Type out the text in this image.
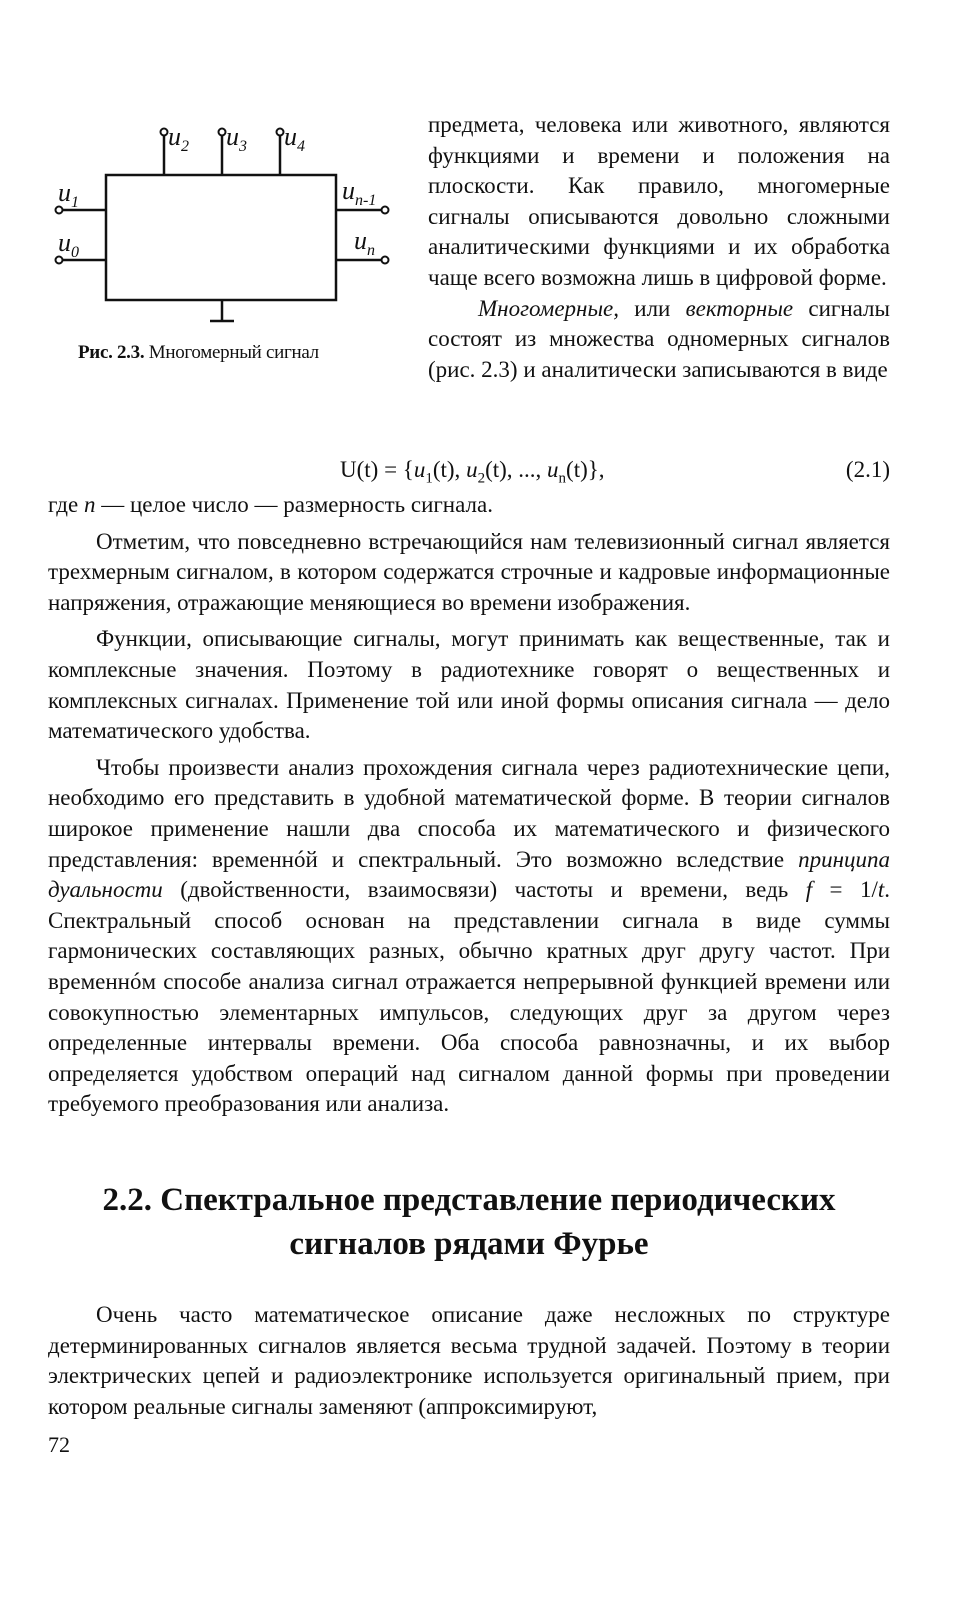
$u_2$ $u_3$ $u_4$
$u_1$
$u_0$
$u_{n-1}$
$u_n$
Рис. 2.3. Многомерный сигнал

предмета, человека или животного, являются функциями и времени и положения на плоскости. Как правило, многомерные сигналы описываются довольно сложными аналитическими функциями и их обработка чаще всего возможна лишь в цифровой форме.

Многомерные, или векторные сигналы состоят из множества одномерных сигналов (рис. 2.3) и аналитически записываются в виде

$U(t) = \{u_1(t)$, $u_2(t)$, ..., $u_n(t)$},	(2.1)

где n — целое число — размерность сигнала.

Отметим, что повседневно встречающийся нам телевизионный сигнал является трехмерным сигналом, в котором содержатся строчные и кадровые информационные напряжения, отражающие меняющиеся во времени изображения.

Функции, описывающие сигналы, могут принимать как вещественные, так и комплексные значения. Поэтому в радиотехнике говорят о вещественных и комплексных сигналах. Применение той или иной формы описания сигнала — дело математического удобства.

Чтобы произвести анализ прохождения сигнала через радиотехнические цепи, необходимо его представить в удобной математической форме. В теории сигналов широкое применение нашли два способа их математического и физического представления: временнóй и спектральный. Это возможно вследствие принципа дуальности (двойственности, взаимосвязи) частоты и времени, ведь f = 1/t. Спектральный способ основан на представлении сигнала в виде суммы гармонических составляющих разных, обычно кратных друг другу частот. При временнóм способе анализа сигнал отражается непрерывной функцией времени или совокупностью элементарных импульсов, следующих друг за другом через определенные интервалы времени. Оба способа равнозначны, и их выбор определяется удобством операций над сигналом данной формы при проведении требуемого преобразования или анализа.

2.2. Спектральное представление периодических
сигналов рядами Фурье

Очень часто математическое описание даже несложных по структуре детерминированных сигналов является весьма трудной задачей. Поэтому в теории электрических цепей и радиоэлектронике используется оригинальный прием, при котором реальные сигналы заменяют (аппроксимируют,

72
